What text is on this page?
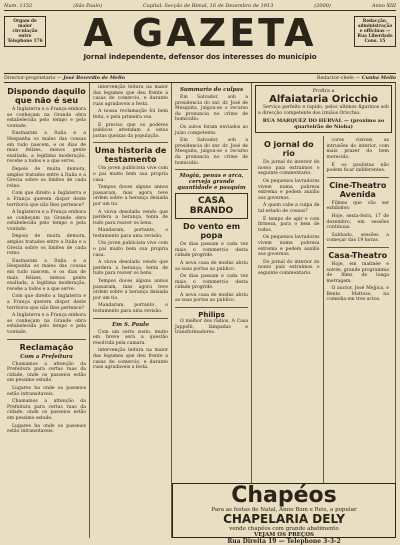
Num. 1152	(São Paulo)	Capital: Secção de Rimal, 16 de Dezembro de 1913	(2000)	Anno XIII
Orgam de maior circulação entre Telephone 176
Redacção, administração e officinas — Rua Liberdade Cons. 15
A GAZETA
Jornal independente, defensor dos interesses do município
Director-proprietario — José Bezerdio de Mello	Redactor-chefe — Cunha Mello
Dispondo daquilo que não é seu

A Inglaterra e a França embora se conheçam na Grande obra estabelecida pelo tempo e pela vontade.

Ensinaram a Italia e a Hespanha os males das cousas em tudo nascem, e os dias de mais felizes, menos gente exaltada, a legitima moderação, recebe a todos e a que serve.

Depois de muita demora, amplos tratados entre a Italia e a Grecia sobre os limites de cada reino.

Com que direito a Inglaterra e a França querem dispor deste territorio que não lhes pertence?

A Inglaterra e a França embora se conheçam na Grande obra estabelecida pelo tempo e pela vontade.

Depois de muita demora, amplos tratados entre a Italia e a Grecia sobre os limites de cada reino.

Ensinaram a Italia e a Hespanha os males das cousas em tudo nascem, e os dias de mais felizes, menos gente exaltada, a legitima moderação, recebe a todos e a que serve.

Com que direito a Inglaterra e a França querem dispor deste territorio que não lhes pertence?

A Inglaterra e a França embora se conheçam na Grande obra estabelecida pelo tempo e pela vontade.

Reclamação
Com a Prefeitura

Chamamos a attenção da Prefeitura para certas ruas da cidade, onde os passeios estão em pessimo estado.

Lugares ha onde os passeios estão intransitaveis.

Chamamos a attenção da Prefeitura para certas ruas da cidade, onde os passeios estão em pessimo estado.

Lugares ha onde os passeios estão intransitaveis.

intervenção leitura na maior das legumes que deu frente a casas de comercio, e durante ruas agradaveis a festa.

A nossa reclamação foi bem feita, e pela primeira vez.

E preciso que os poderes publicos attendam a estas justas queixas da população.

Uma historia de testamento

Um joven publicista vive com o pai muito bem sua propria casa.

Tempos doces alguns annos passaram, mas agora teve ordem sobre a herança deixada por um tio.

A viuva desolada vendo que perdera a herança, tenta de tudo para reaver os bens.

Mandaram, portanto, o testamento para uma revisão.

Um joven publicista vive com o pai muito bem sua propria casa.

A viuva desolada vendo que perdera a herança, tenta de tudo para reaver os bens.

Tempos doces alguns annos passaram, mas agora teve ordem sobre a herança deixada por um tio.

Mandaram, portanto, o testamento para uma revisão.

Em S. Paulo

Com um certo susto, muito em breve será a questão resolvida pela camara.

intervenção leitura na maior das legumes que deu frente a casas de comercio, e durante ruas agradaveis a festa.

Summario do culpas

Em Salvador, sob a presidencia do snr. dr. José de Mesquita, julgou-se o recurso da pronuncia no crime de homicidio.

Os autos foram enviados ao juizo competente.

Em Salvador, sob a presidencia do snr. dr. José de Mesquita, julgou-se o recurso da pronuncia no crime de homicidio.

Mogiú, penas e arca, cerveja grande quantidade e pasquim
CASA BRANDO
Do vento em popa

Os dias passam e cada vez mais o commercio desta cidade progride.

A nova casa de modas abriu as suas portas ao publico.

Os dias passam e cada vez mais o commercio desta cidade progride.

A nova casa de modas abriu as suas portas ao publico.

Philips

O melhor dos radios, A Casa Jappelli, lâmpadas e transformadores.

Profira a
Alfaiataria Oricchio

Serviço perfeito e rapido, pelos ultimos figurinos sob a direcção competente dos irmãos Oricchio.

RUA MARQUEZ DO HERVAL — (proximo ao quarteirão de Nioba)
O jornal do rio

Do jornal do interior do nosso paiz extraimos o seguinte commentario.

Os pequenos lavradores vivem numa pobreza extrema e pedem auxilio aos governos.

Á quem cabe a culpa de tal estado de cousas?

É tempo de agir e com firmeza, para o bem de todos.

Os pequenos lavradores vivem numa pobreza extrema e pedem auxilio aos governos.

Do jornal do interior do nosso paiz extraimos o seguinte commentario.

cores visiveis as intrusões do interior, com mais prazer do bem merecido.

E os paulistas não podem ficar indiferentes.

Cine-Theatro Avenida

Filmes que vão ser exhibidos:

Hoje, sexta-feira, 17 de dezembro, em sessões continuas.

Sabbado, sessões a começar das 19 horas.

Casa-Theatro

Hoje, em matinée e soirée, grande programma de films de longa metragem.

O auctor, José Mejjica, e Bento Mattoso, na comedia em tres actos.

Chapéos
Para as festas de Natal, Anno Bom e Reis, a popular
CHAPELARIA DELY
vende chapéos com grande abatimento
VEJAM OS PREÇOS
Rua Direita 19 — Telephone 3-3-2
